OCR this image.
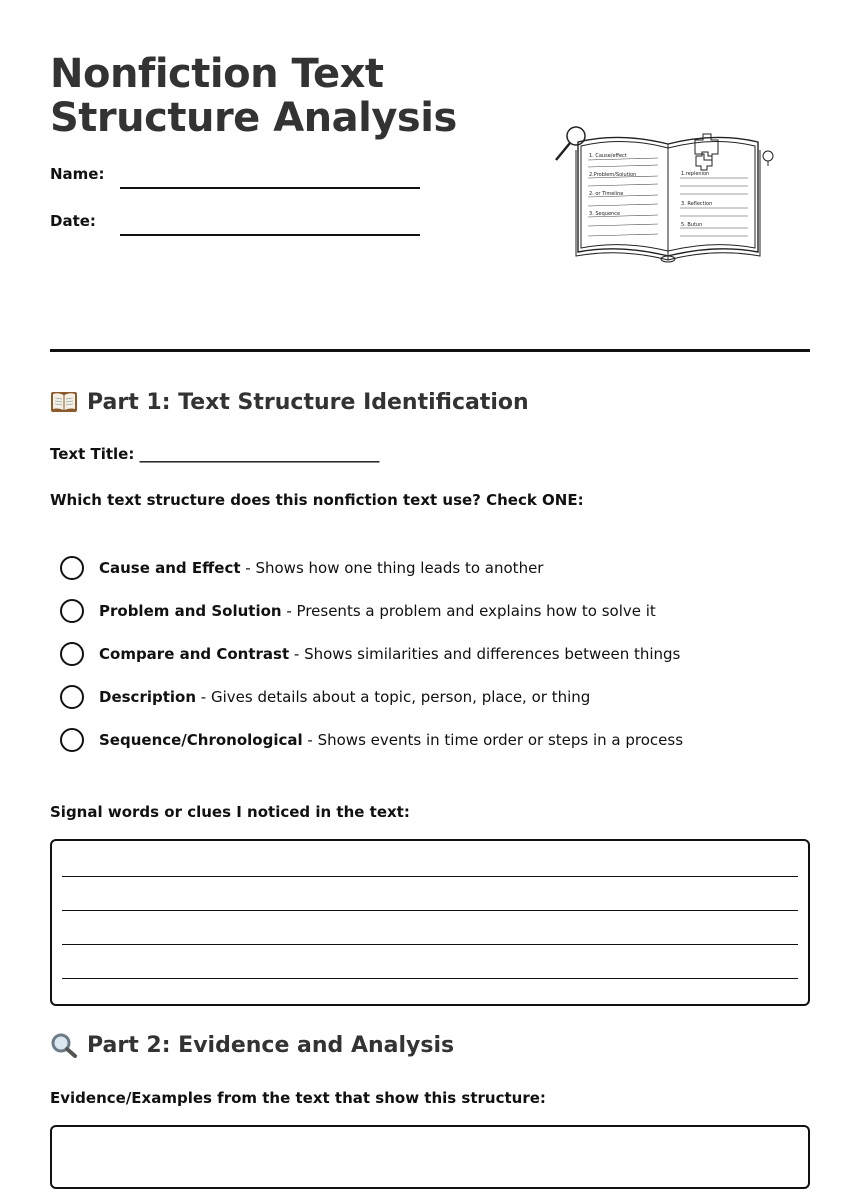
Nonfiction Text
Structure Analysis
Name:
Date:
1. Cause/effect
2.Problem/Solution
2. or Timeline
3. Sequence
1.replenion
3. Reflection
5. Butun
Part 1: Text Structure Identification
Text Title: ________________________________
Which text structure does this nonfiction text use? Check ONE:
Cause and Effect - Shows how one thing leads to another
Problem and Solution - Presents a problem and explains how to solve it
Compare and Contrast - Shows similarities and differences between things
Description - Gives details about a topic, person, place, or thing
Sequence/Chronological - Shows events in time order or steps in a process
Signal words or clues I noticed in the text:
Part 2: Evidence and Analysis
Evidence/Examples from the text that show this structure:
